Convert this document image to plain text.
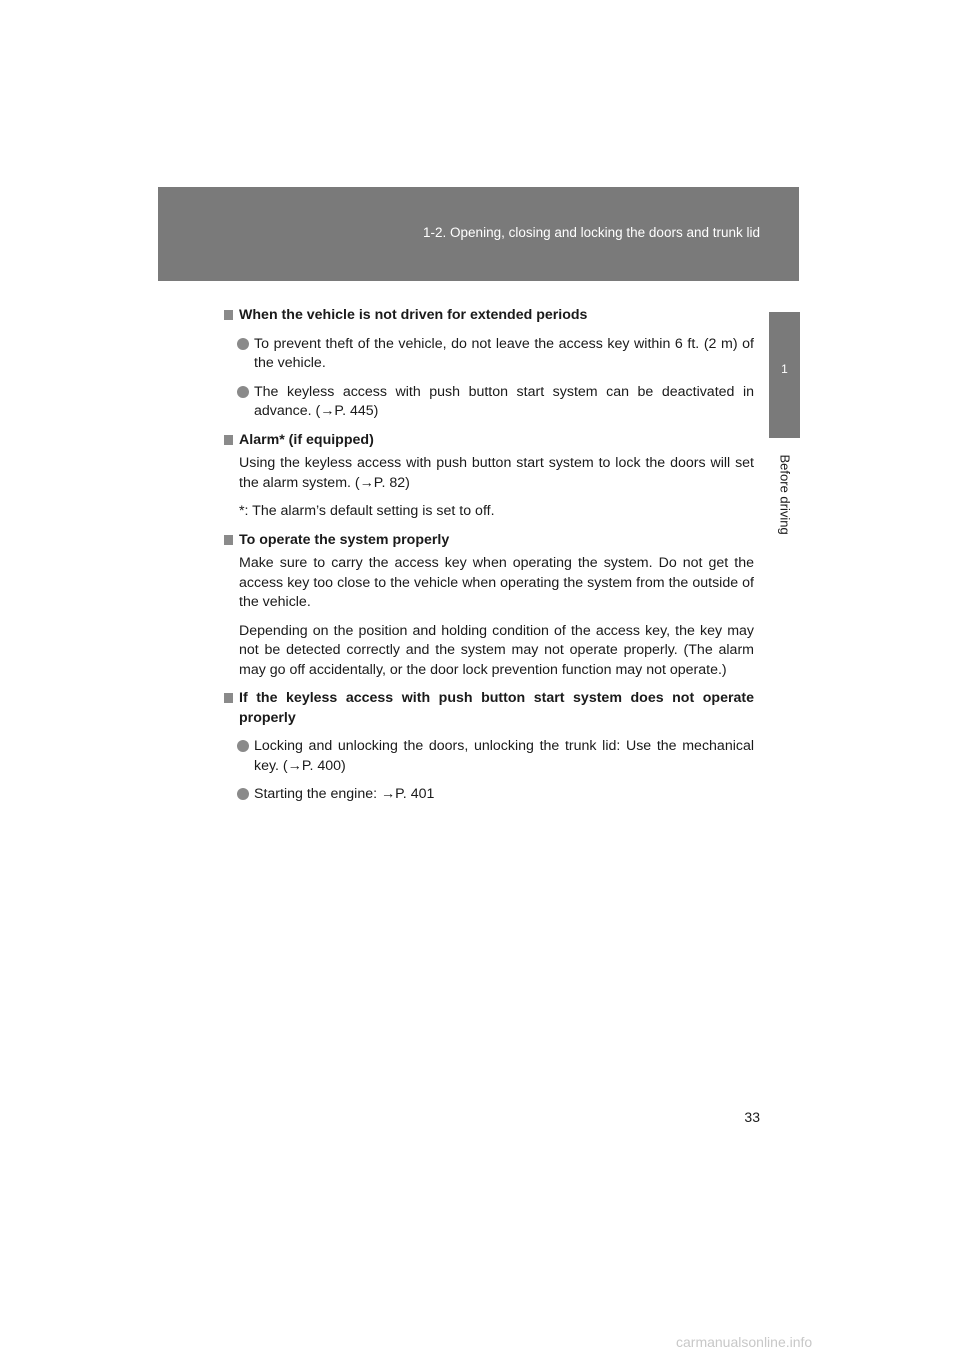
1-2. Opening, closing and locking the doors and trunk lid
1
Before driving
When the vehicle is not driven for extended periods
To prevent theft of the vehicle, do not leave the access key within 6 ft. (2 m) of the vehicle.
The keyless access with push button start system can be deactivated in advance. (→P. 445)
Alarm* (if equipped)
Using the keyless access with push button start system to lock the doors will set the alarm system. (→P. 82)
*: The alarm’s default setting is set to off.
To operate the system properly
Make sure to carry the access key when operating the system. Do not get the access key too close to the vehicle when operating the system from the outside of the vehicle.
Depending on the position and holding condition of the access key, the key may not be detected correctly and the system may not operate properly. (The alarm may go off accidentally, or the door lock prevention function may not operate.)
If the keyless access with push button start system does not operate properly
Locking and unlocking the doors, unlocking the trunk lid: Use the mechanical key. (→P. 400)
Starting the engine: →P. 401
33
carmanualsonline.info
